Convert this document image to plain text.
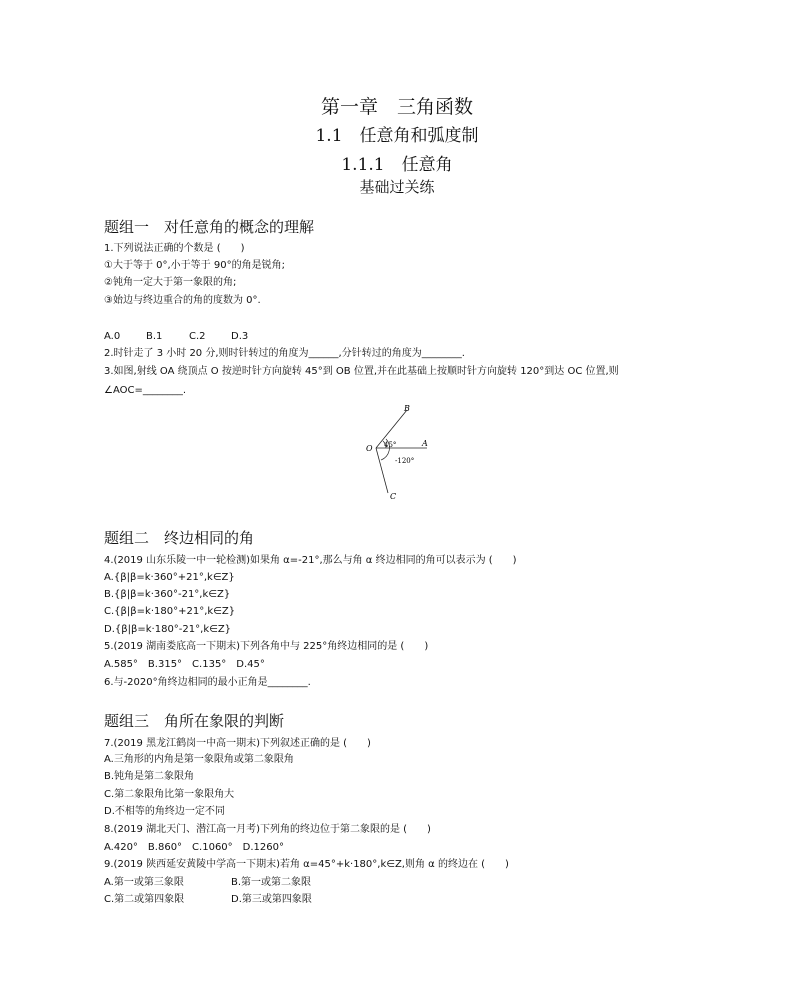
第一章　三角函数
1.1　任意角和弧度制
1.1.1　任意角
基础过关练
题组一　对任意角的概念的理解
1.下列说法正确的个数是 (　　)
①大于等于 0°,小于等于 90°的角是锐角;
②钝角一定大于第一象限的角;
③始边与终边重合的角的度数为 0°.
A.0	B.1	C.2	D.3
2.时针走了 3 小时 20 分,则时针转过的角度为______,分针转过的角度为________.
3.如图,射线 OA 绕顶点 O 按逆时针方向旋转 45°到 OB 位置,并在此基础上按顺时针方向旋转 120°到达 OC 位置,则
∠AOC=________.
O
A
B
C
45°
-120°
题组二　终边相同的角
4.(2019 山东乐陵一中一轮检测)如果角 α=-21°,那么与角 α 终边相同的角可以表示为 (　　)
A.{β|β=k·360°+21°,k∈Z}
B.{β|β=k·360°-21°,k∈Z}
C.{β|β=k·180°+21°,k∈Z}
D.{β|β=k·180°-21°,k∈Z}
5.(2019 湖南娄底高一下期末)下列各角中与 225°角终边相同的是 (　　)
A.585°　B.315°　C.135°　D.45°
6.与-2020°角终边相同的最小正角是________.
题组三　角所在象限的判断
7.(2019 黑龙江鹤岗一中高一期末)下列叙述正确的是 (　　)
A.三角形的内角是第一象限角或第二象限角
B.钝角是第二象限角
C.第二象限角比第一象限角大
D.不相等的角终边一定不同
8.(2019 湖北天门、潜江高一月考)下列角的终边位于第二象限的是 (　　)
A.420°　B.860°　C.1060°　D.1260°
9.(2019 陕西延安黄陵中学高一下期末)若角 α=45°+k·180°,k∈Z,则角 α 的终边在 (　　)
A.第一或第三象限	B.第一或第二象限
C.第二或第四象限	D.第三或第四象限
